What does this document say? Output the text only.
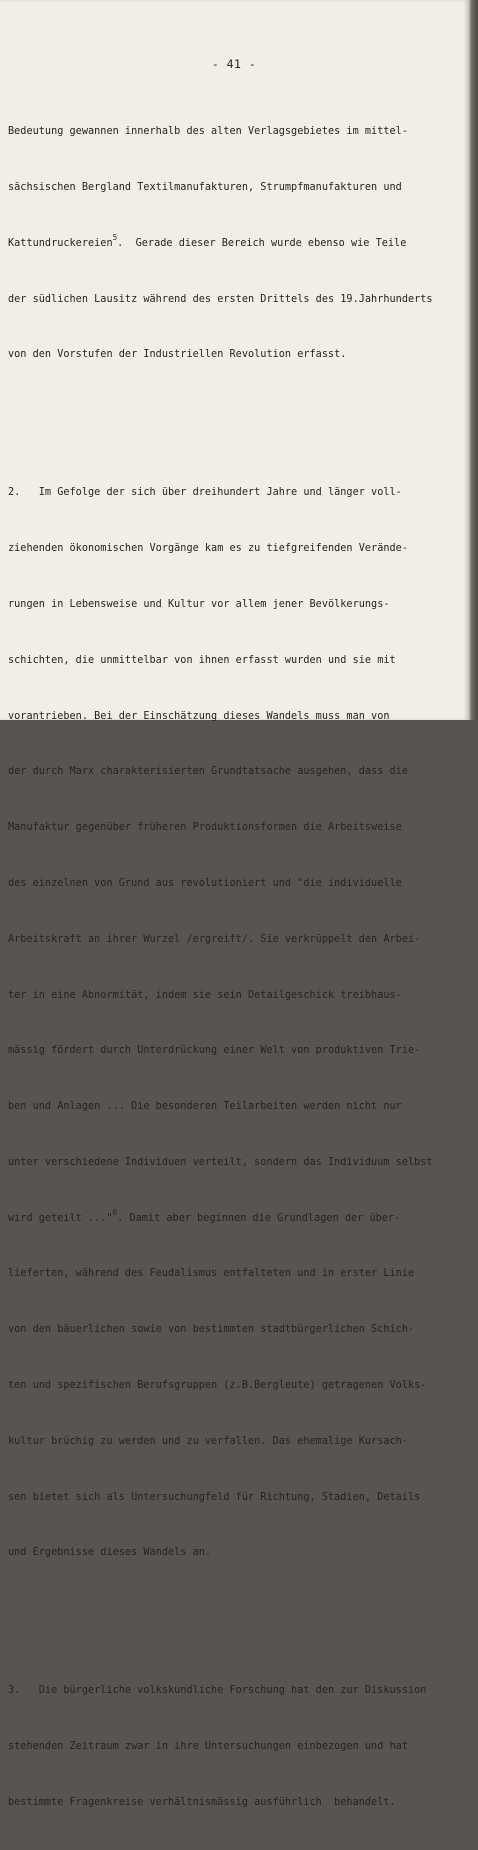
- 41 -

Bedeutung gewannen innerhalb des alten Verlagsgebietes im mittel-

sächsischen Bergland Textilmanufakturen, Strumpfmanufakturen und

Kattundruckereien$^5$.  Gerade dieser Bereich wurde ebenso wie Teile

der südlichen Lausitz während des ersten Drittels des 19.Jahrhunderts

von den Vorstufen der Industriellen Revolution erfasst.

2.   Im Gefolge der sich über dreihundert Jahre und länger voll-

ziehenden ökonomischen Vorgänge kam es zu tiefgreifenden Verände-

rungen in Lebensweise und Kultur vor allem jener Bevölkerungs-

schichten, die unmittelbar von ihnen erfasst wurden und sie mit

vorantrieben. Bei der Einschätzung dieses Wandels muss man von

der durch Marx charakterisierten Grundtatsache ausgehen, dass die

Manufaktur gegenüber früheren Produktionsformen die Arbeitsweise

des einzelnen von Grund aus revolutioniert und "die individuelle

Arbeitskraft an ihrer Wurzel /ergreift/. Sie verkrüppelt den Arbei-

ter in eine Abnormität, indem sie sein Detailgeschick treibhaus-

mässig fördert durch Unterdrückung einer Welt von produktiven Trie-

ben und Anlagen ... Die besonderen Teilarbeiten werden nicht nur

unter verschiedene Individuen verteilt, sondern das Individuum selbst

wird geteilt ..."$^6$. Damit aber beginnen die Grundlagen der über-

lieferten, während des Feudalismus entfalteten und in erster Linie

von den bäuerlichen sowie von bestimmten stadtbürgerlichen Schich-

ten und spezifischen Berufsgruppen (z.B.Bergleute) getragenen Volks-

kultur brüchig zu werden und zu verfallen. Das ehemalige Kursach-

sen bietet sich als Untersuchungfeld für Richtung, Stadien, Details

und Ergebnisse dieses Wandels an.

3.   Die bürgerliche volkskundliche Forschung hat den zur Diskussion

stehenden Zeitraum zwar in ihre Untersuchungen einbezogen und hat

bestimmte Fragenkreise verhältnismässig ausführlich  behandelt.
